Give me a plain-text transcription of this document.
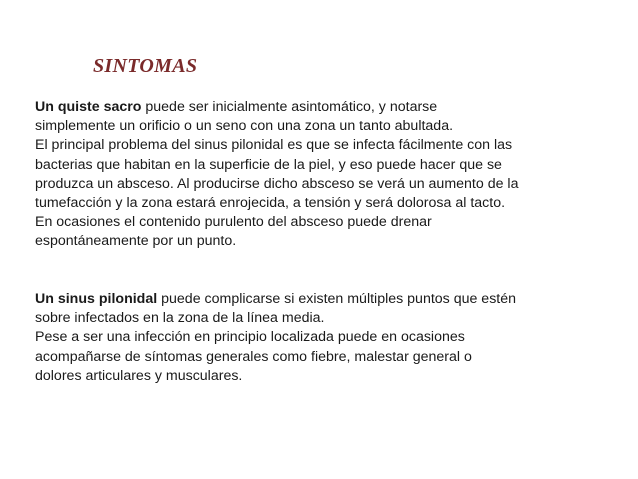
SINTOMAS

Un quiste sacro puede ser inicialmente asintomático, y notarse
simplemente un orificio o un seno con una zona un tanto abultada.
El principal problema del sinus pilonidal es que se infecta fácilmente con las
bacterias que habitan en la superficie de la piel, y eso puede hacer que se
produzca un absceso. Al producirse dicho absceso se verá un aumento de la
tumefacción y la zona estará enrojecida, a tensión y será dolorosa al tacto.
En ocasiones el contenido purulento del absceso puede drenar
espontáneamente por un punto.

Un sinus pilonidal puede complicarse si existen múltiples puntos que estén
sobre infectados en la zona de la línea media.
Pese a ser una infección en principio localizada puede en ocasiones
acompañarse de síntomas generales como fiebre, malestar general o
dolores articulares y musculares.
